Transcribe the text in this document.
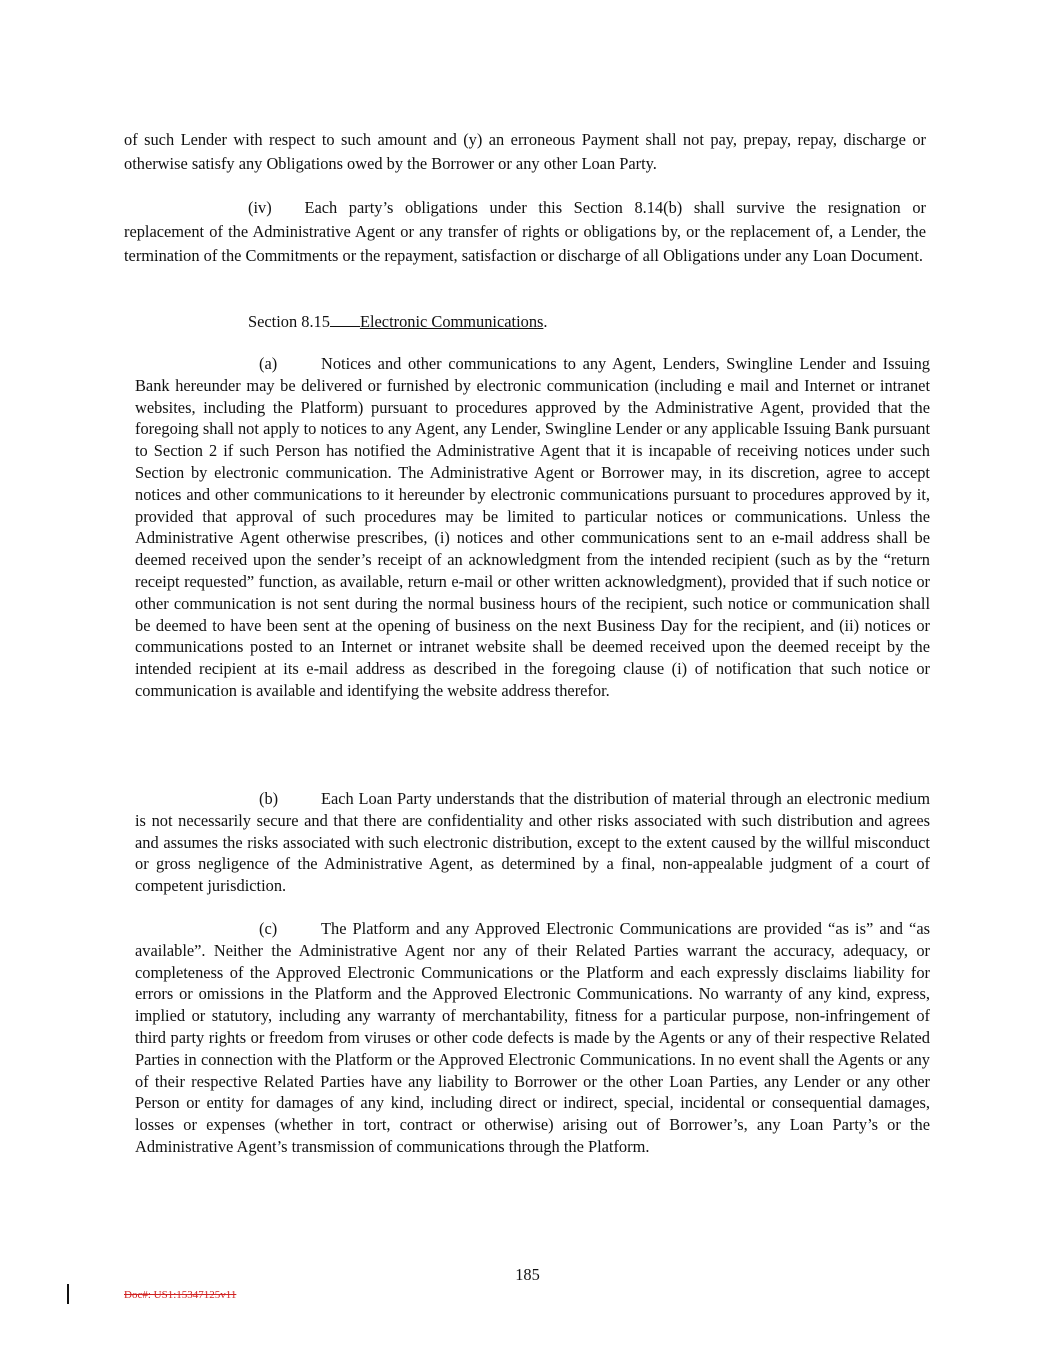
of such Lender with respect to such amount and (y) an erroneous Payment shall not pay, prepay, repay, discharge or otherwise satisfy any Obligations owed by the Borrower or any other Loan Party.

(iv)  Each party’s obligations under this Section 8.14(b) shall survive the resignation or replacement of the Administrative Agent or any transfer of rights or obligations by, or the replacement of, a Lender, the termination of the Commitments or the repayment, satisfaction or discharge of all Obligations under any Loan Document.

Section 8.15 Electronic Communications.

(a)	Notices and other communications to any Agent, Lenders, Swingline Lender and Issuing Bank hereunder may be delivered or furnished by electronic communication (including e mail and Internet or intranet websites, including the Platform) pursuant to procedures approved by the Administrative Agent, provided that the foregoing shall not apply to notices to any Agent, any Lender, Swingline Lender or any applicable Issuing Bank pursuant to Section 2 if such Person has notified the Administrative Agent that it is incapable of receiving notices under such Section by electronic communication. The Administrative Agent or Borrower may, in its discretion, agree to accept notices and other communications to it hereunder by electronic communications pursuant to procedures approved by it, provided that approval of such procedures may be limited to particular notices or communications. Unless the Administrative Agent otherwise prescribes, (i) notices and other communications sent to an e-mail address shall be deemed received upon the sender’s receipt of an acknowledgment from the intended recipient (such as by the “return receipt requested” function, as available, return e-mail or other written acknowledgment), provided that if such notice or other communication is not sent during the normal business hours of the recipient, such notice or communication shall be deemed to have been sent at the opening of business on the next Business Day for the recipient, and (ii) notices or communications posted to an Internet or intranet website shall be deemed received upon the deemed receipt by the intended recipient at its e-mail address as described in the foregoing clause (i) of notification that such notice or communication is available and identifying the website address therefor.

(b)	Each Loan Party understands that the distribution of material through an electronic medium is not necessarily secure and that there are confidentiality and other risks associated with such distribution and agrees and assumes the risks associated with such electronic distribution, except to the extent caused by the willful misconduct or gross negligence of the Administrative Agent, as determined by a final, non-appealable judgment of a court of competent jurisdiction.

(c)	The Platform and any Approved Electronic Communications are provided “as is” and “as available”. Neither the Administrative Agent nor any of their Related Parties warrant the accuracy, adequacy, or completeness of the Approved Electronic Communications or the Platform and each expressly disclaims liability for errors or omissions in the Platform and the Approved Electronic Communications. No warranty of any kind, express, implied or statutory, including any warranty of merchantability, fitness for a particular purpose, non-infringement of third party rights or freedom from viruses or other code defects is made by the Agents or any of their respective Related Parties in connection with the Platform or the Approved Electronic Communications. In no event shall the Agents or any of their respective Related Parties have any liability to Borrower or the other Loan Parties, any Lender or any other Person or entity for damages of any kind, including direct or indirect, special, incidental or consequential damages, losses or expenses (whether in tort, contract or otherwise) arising out of Borrower’s, any Loan Party’s or the Administrative Agent’s transmission of communications through the Platform.

185
Doc#: US1:15347125v11
